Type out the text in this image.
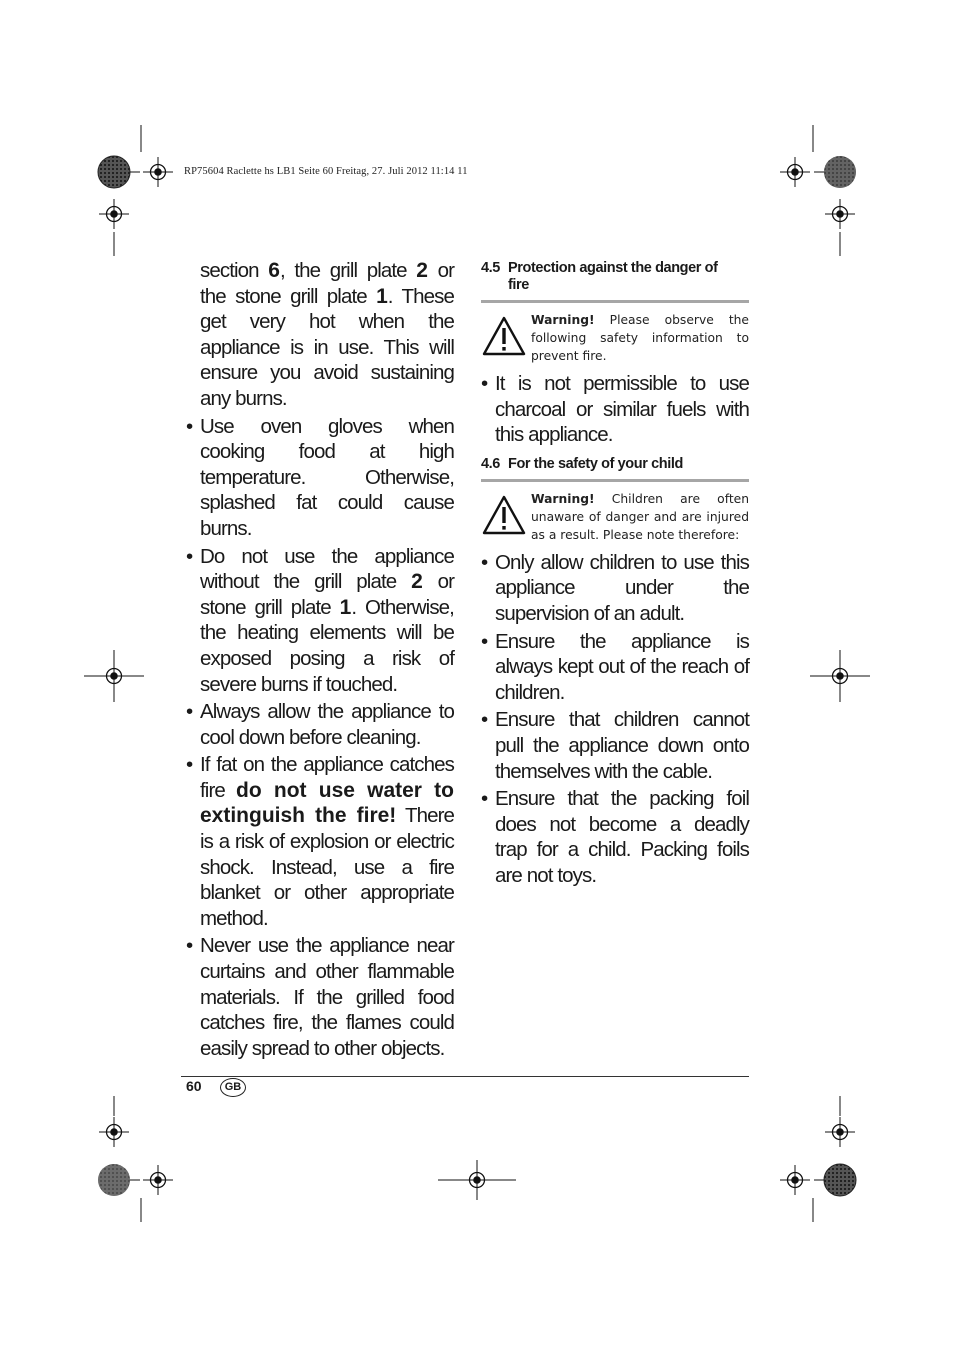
RP75604 Raclette hs LB1 Seite 60 Freitag, 27. Juli 2012 11:14 11

section 6, the grill plate 2 or the stone grill plate 1. These get very hot when the appliance is in use. This will ensure you avoid sustaining any burns.

• Use oven gloves when cooking food at high temperature. Otherwise, splashed fat could cause burns.

• Do not use the appliance without the grill plate 2 or stone grill plate 1. Otherwise, the heating elements will be exposed posing a risk of severe burns if touched.

• Always allow the appliance to cool down before cleaning.

• If fat on the appliance catches fire do not use water to extinguish the fire! There is a risk of explosion or electric shock. Instead, use a fire blanket or other appropriate method.

• Never use the appliance near curtains and other flammable materials. If the grilled food catches fire, the flames could easily spread to other objects.

4.5 Protection against the danger of
fire
Warning! Please observe the following safety information to prevent fire.

• It is not permissible to use charcoal or similar fuels with this appliance.

4.6 For the safety of your child
Warning! Children are often unaware of danger and are injured as a result. Please note therefore:

• Only allow children to use this appliance under the supervision of an adult.

• Ensure the appliance is always kept out of the reach of children.

• Ensure that children cannot pull the appliance down onto themselves with the cable.

• Ensure that the packing foil does not become a deadly trap for a child. Packing foils are not toys.

60	GB
